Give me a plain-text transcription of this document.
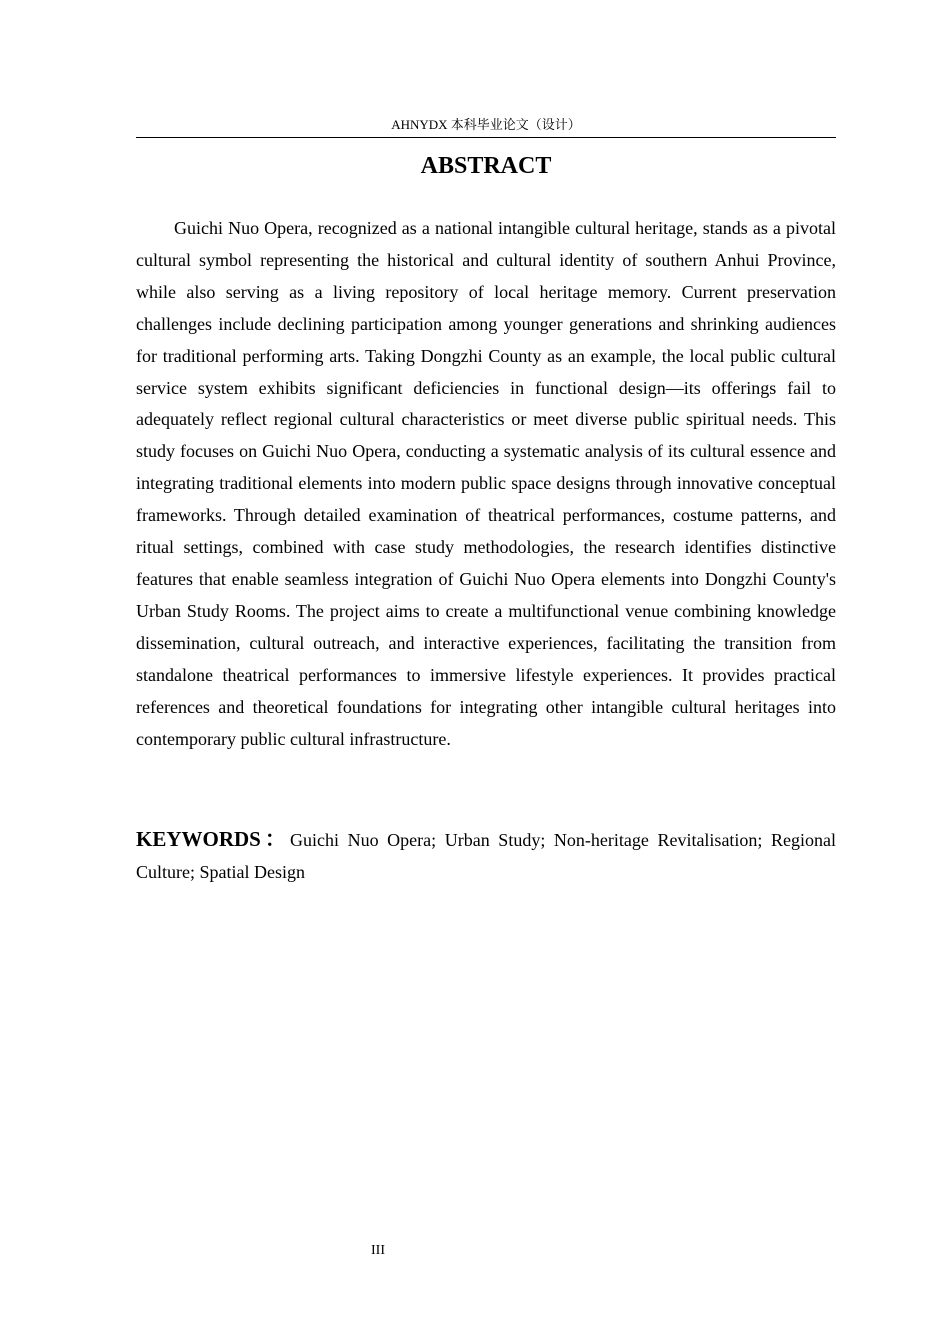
AHNYDX 本科毕业论文（设计）
ABSTRACT

Guichi Nuo Opera, recognized as a national intangible cultural heritage, stands as a pivotal cultural symbol representing the historical and cultural identity of southern Anhui Province, while also serving as a living repository of local heritage memory. Current preservation challenges include declining participation among younger generations and shrinking audiences for traditional performing arts. Taking Dongzhi County as an example, the local public cultural service system exhibits significant deficiencies in functional design—its offerings fail to adequately reflect regional cultural characteristics or meet diverse public spiritual needs. This study focuses on Guichi Nuo Opera, conducting a systematic analysis of its cultural essence and integrating traditional elements into modern public space designs through innovative conceptual frameworks. Through detailed examination of theatrical performances, costume patterns, and ritual settings, combined with case study methodologies, the research identifies distinctive features that enable seamless integration of Guichi Nuo Opera elements into Dongzhi County's Urban Study Rooms. The project aims to create a multifunctional venue combining knowledge dissemination, cultural outreach, and interactive experiences, facilitating the transition from standalone theatrical performances to immersive lifestyle experiences. It provides practical references and theoretical foundations for integrating other intangible cultural heritages into contemporary public cultural infrastructure.

KEYWORDS：Guichi Nuo Opera; Urban Study; Non-heritage Revitalisation; Regional Culture; Spatial Design

III
